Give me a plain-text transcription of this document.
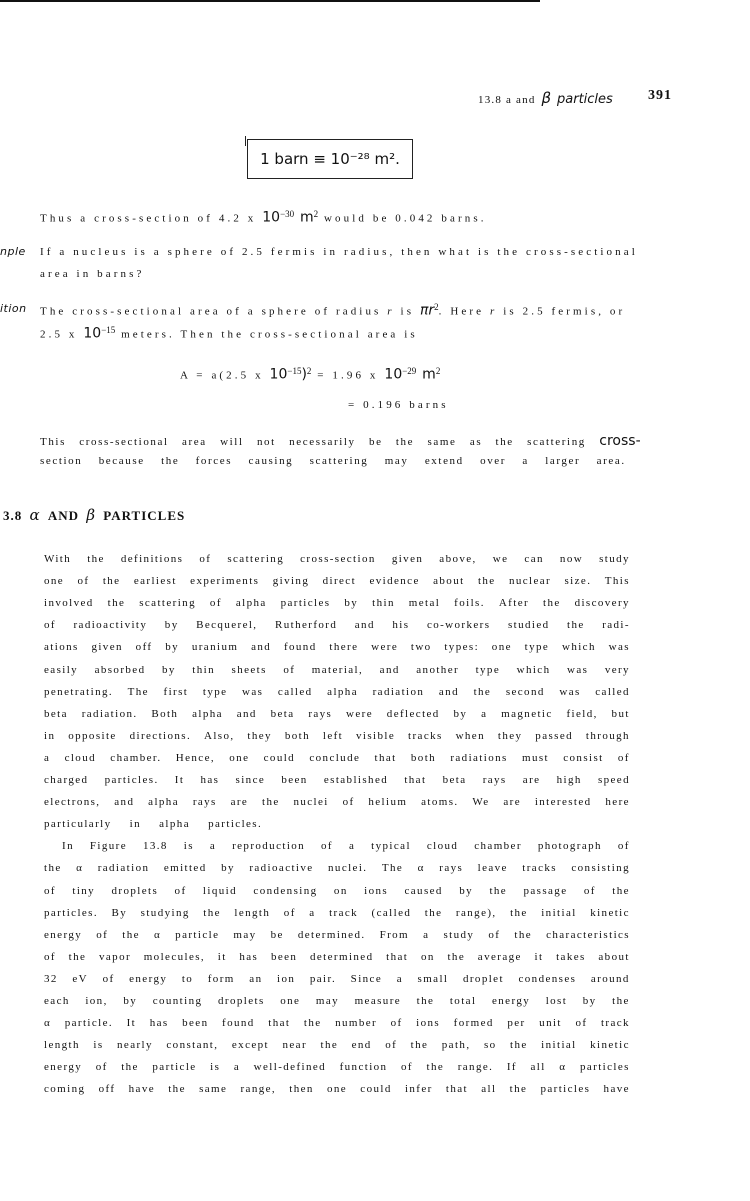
13.8 a and β particles	391
1 barn ≡ 10⁻²⁸ m².
Thus a cross-section of 4.2 x $10^{-30}$ $m^2$ would be 0.042 barns.
nple If a nucleus is a sphere of 2.5 fermis in radius, then what is the cross-sectional
area in barns?
ition The cross-sectional area of a sphere of radius r is $\pi r^2$. Here r is 2.5 fermis, or
2.5 x $10^{-15}$ meters. Then the cross-sectional area is
A = a(2.5 x $10^{-15})^2 = 1.96$ x $10^{-29}$ $m^2$
= 0.196 barns
This cross-sectional area will not necessarily be the same as the scattering cross-
section because the forces causing scattering may extend over a larger area.
3.8 α AND β PARTICLES
With the definitions of scattering cross-section given above, we can now study
one of the earliest experiments giving direct evidence about the nuclear size. This
involved the scattering of alpha particles by thin metal foils. After the discovery
of radioactivity by Becquerel, Rutherford and his co-workers studied the radi-
ations given off by uranium and found there were two types: one type which was
easily absorbed by thin sheets of material, and another type which was very
penetrating. The first type was called alpha radiation and the second was called
beta radiation. Both alpha and beta rays were deflected by a magnetic field, but
in opposite directions. Also, they both left visible tracks when they passed through
a cloud chamber. Hence, one could conclude that both radiations must consist of
charged particles. It has since been established that beta rays are high speed
electrons, and alpha rays are the nuclei of helium atoms. We are interested here
particularly in alpha particles.
In Figure 13.8 is a reproduction of a typical cloud chamber photograph of
the α radiation emitted by radioactive nuclei. The α rays leave tracks consisting
of tiny droplets of liquid condensing on ions caused by the passage of the
particles. By studying the length of a track (called the range), the initial kinetic
energy of the α particle may be determined. From a study of the characteristics
of the vapor molecules, it has been determined that on the average it takes about
32 eV of energy to form an ion pair. Since a small droplet condenses around
each ion, by counting droplets one may measure the total energy lost by the
α particle. It has been found that the number of ions formed per unit of track
length is nearly constant, except near the end of the path, so the initial kinetic
energy of the particle is a well-defined function of the range. If all α particles
coming off have the same range, then one could infer that all the particles have
